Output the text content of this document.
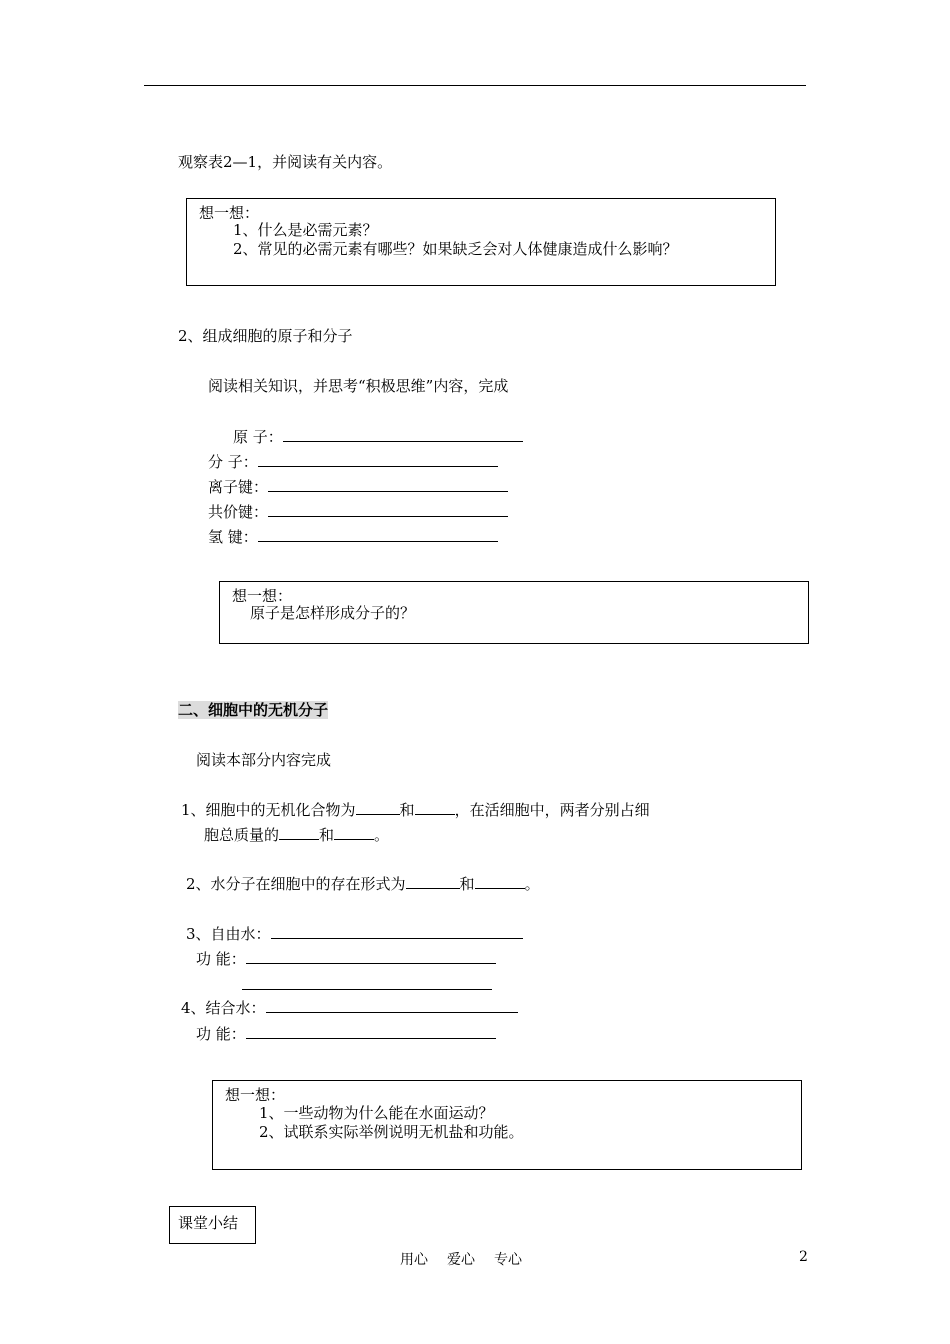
观察表2—1，并阅读有关内容。
想一想：
1、什么是必需元素？
2、常见的必需元素有哪些？如果缺乏会对人体健康造成什么影响？
2、组成细胞的原子和分子
阅读相关知识，并思考“积极思维”内容，完成
原 子：
分 子：
离子键：
共价键：
氢 键：
想一想：
原子是怎样形成分子的？
二、细胞中的无机分子
阅读本部分内容完成
1、细胞中的无机化合物为	和	，在活细胞中，两者分别占细
胞总质量的	和	。
2、水分子在细胞中的存在形式为	和	。
3、自由水：
功 能：
4、结合水：
功 能：
想一想：
1、一些动物为什么能在水面运动？
2、试联系实际举例说明无机盐和功能。
课堂小结
用心 爱心 专心	2
